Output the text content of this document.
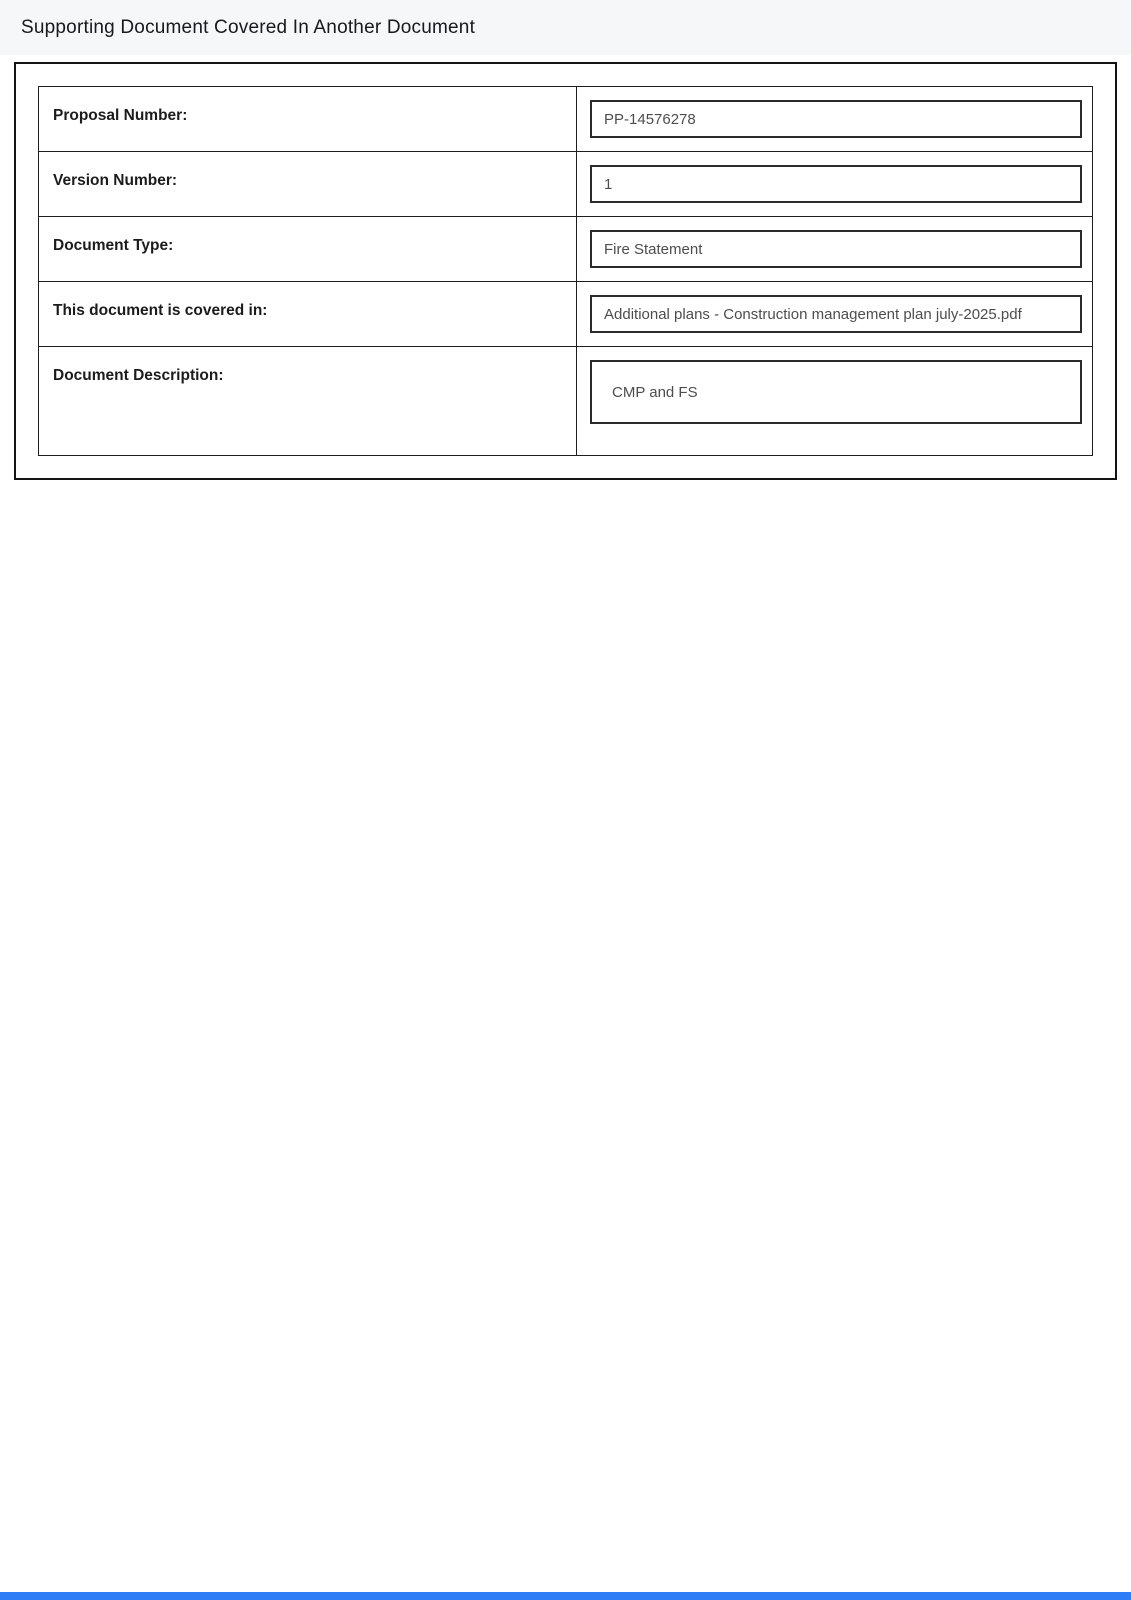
Supporting Document Covered In Another Document
Proposal Number:	PP-14576278
Version Number:	1
Document Type:	Fire Statement
This document is covered in:	Additional plans - Construction management plan july-2025.pdf
Document Description:
CMP and FS
